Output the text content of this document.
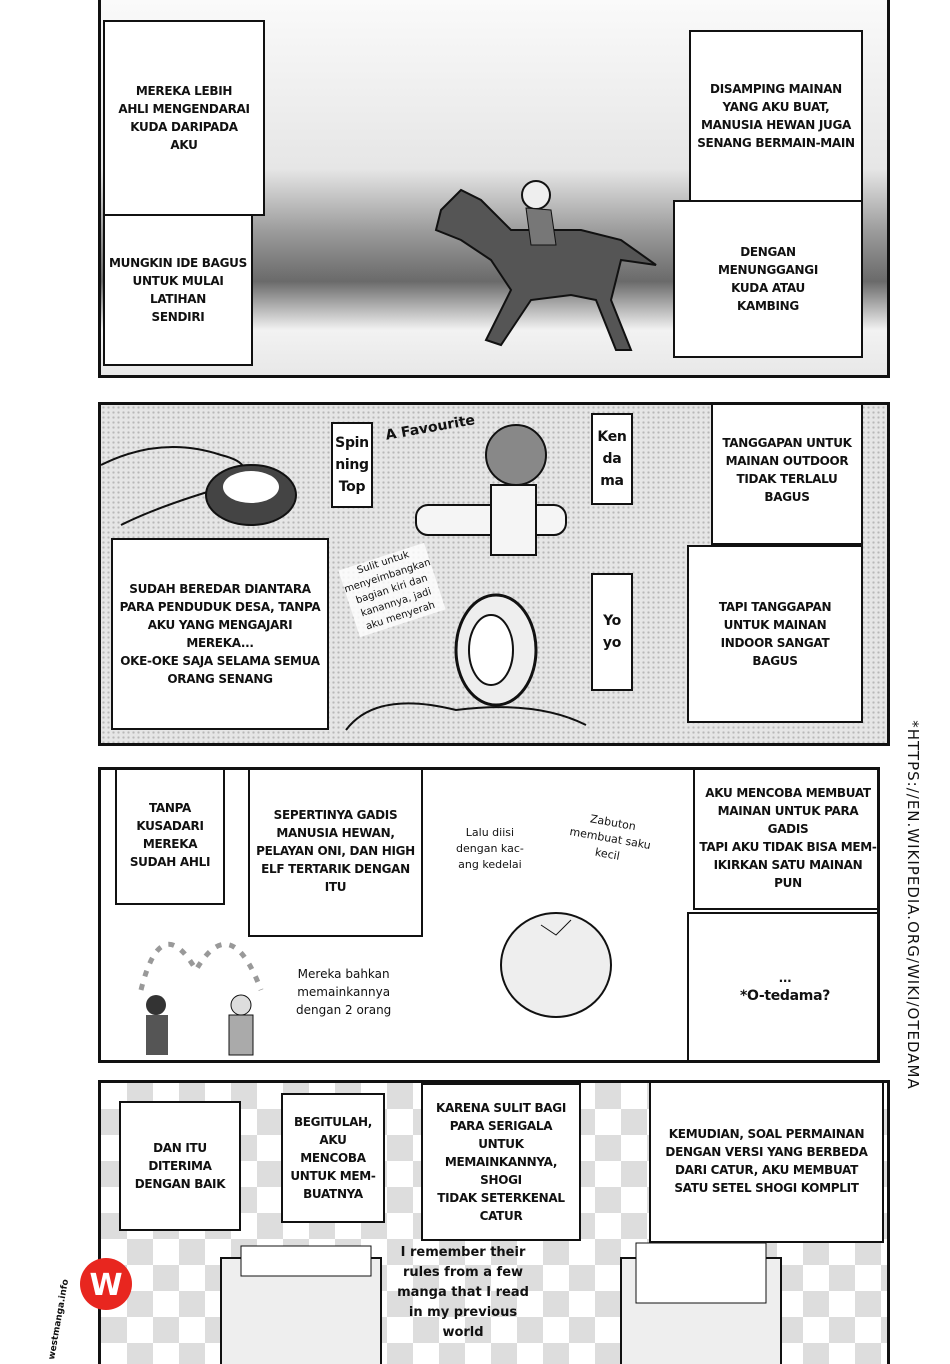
MEREKA LEBIH
AHLI MENGENDARAI
KUDA DARIPADA
AKU
MUNGKIN IDE BAGUS
UNTUK MULAI LATIHAN
SENDIRI
DISAMPING MAINAN
YANG AKU BUAT,
MANUSIA HEWAN JUGA
SENANG BERMAIN-MAIN
DENGAN
MENUNGGANGI
KUDA ATAU
KAMBING
Spin
ning
Top
A Favourite	Ken
da
ma
Yo
yo
TANGGAPAN UNTUK
MAINAN OUTDOOR
TIDAK TERLALU
BAGUS
TAPI TANGGAPAN
UNTUK MAINAN
INDOOR SANGAT
BAGUS
SUDAH BEREDAR DIANTARA
PARA PENDUDUK DESA, TANPA
AKU YANG MENGAJARI MEREKA...
OKE-OKE SAJA SELAMA SEMUA
ORANG SENANG
Sulit untuk
menyeimbangkan
bagian kiri dan
kanannya, jadi
aku menyerah
TANPA
KUSADARI
MEREKA
SUDAH AHLI
SEPERTINYA GADIS
MANUSIA HEWAN,
PELAYAN ONI, DAN HIGH
ELF TERTARIK DENGAN ITU
Lalu diisi
dengan kac-
ang kedelai
Zabuton
membuat saku
kecil
Mereka bahkan
memainkannya
dengan 2 orang
...
*O-tedama?
AKU MENCOBA MEMBUAT
MAINAN UNTUK PARA GADIS
TAPI AKU TIDAK BISA MEM-
IKIRKAN SATU MAINAN PUN	*HTTPS://EN.WIKIPEDIA.ORG/WIKI/OTEDAMA
DAN ITU DITERIMA
DENGAN BAIK
BEGITULAH,
AKU MENCOBA
UNTUK MEM-
BUATNYA
KARENA SULIT BAGI
PARA SERIGALA UNTUK
MEMAINKANNYA, SHOGI
TIDAK SETERKENAL
CATUR
KEMUDIAN, SOAL PERMAINAN
DENGAN VERSI YANG BERBEDA
DARI CATUR, AKU MEMBUAT
SATU SETEL SHOGI KOMPLIT
I remember their
rules from a few
manga that I read
in my previous
world
W
westmanga.info
